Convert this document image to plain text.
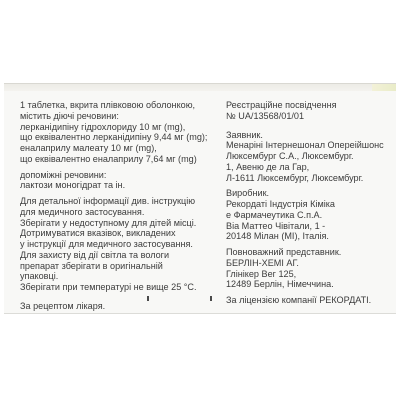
1 таблетка, вкрита плівковою оболонкою,

містить діючі речовини:

лерканідипіну гідрохлориду 10 мг (mg),

що еквівалентно лерканідипіну 9,44 мг (mg);

еналаприлу малеату 10 мг (mg),

що еквівалентно еналаприлу 7,64 мг (mg)

допоміжні речовини:

лактози моногідрат та ін.

Для детальної інформації див. інструкцію

для медичного застосування.

Зберігати у недоступному для дітей місці.

Дотримуватися вказівок, викладених

у інструкції для медичного застосування.

Для захисту від дії світла та вологи

препарат зберігати в оригінальній

упаковці.

Зберігати при температурі не вище 25 °С.

За рецептом лікаря.

Реєстраційне посвідчення

№ UA/13568/01/01

Заявник.

Менаріні Інтернешонал Опереійшонс

Люксембург С.А., Люксембург.

1, Авеню де ла Гар,

Л-1611 Люксембург, Люксембург.

Виробник.

Рекордаті Індустрія Кіміка

е Фармачеутика С.п.А.

Віа Маттео Чівітали, 1 -

20148 Мілан (МІ), Італія.

Повноважний представник.

БЕРЛІН-ХЕМІ АГ.

Глінікер Вег 125,

12489 Берлін, Німеччина.

За ліцензією компанії РЕКОРДАТІ.
